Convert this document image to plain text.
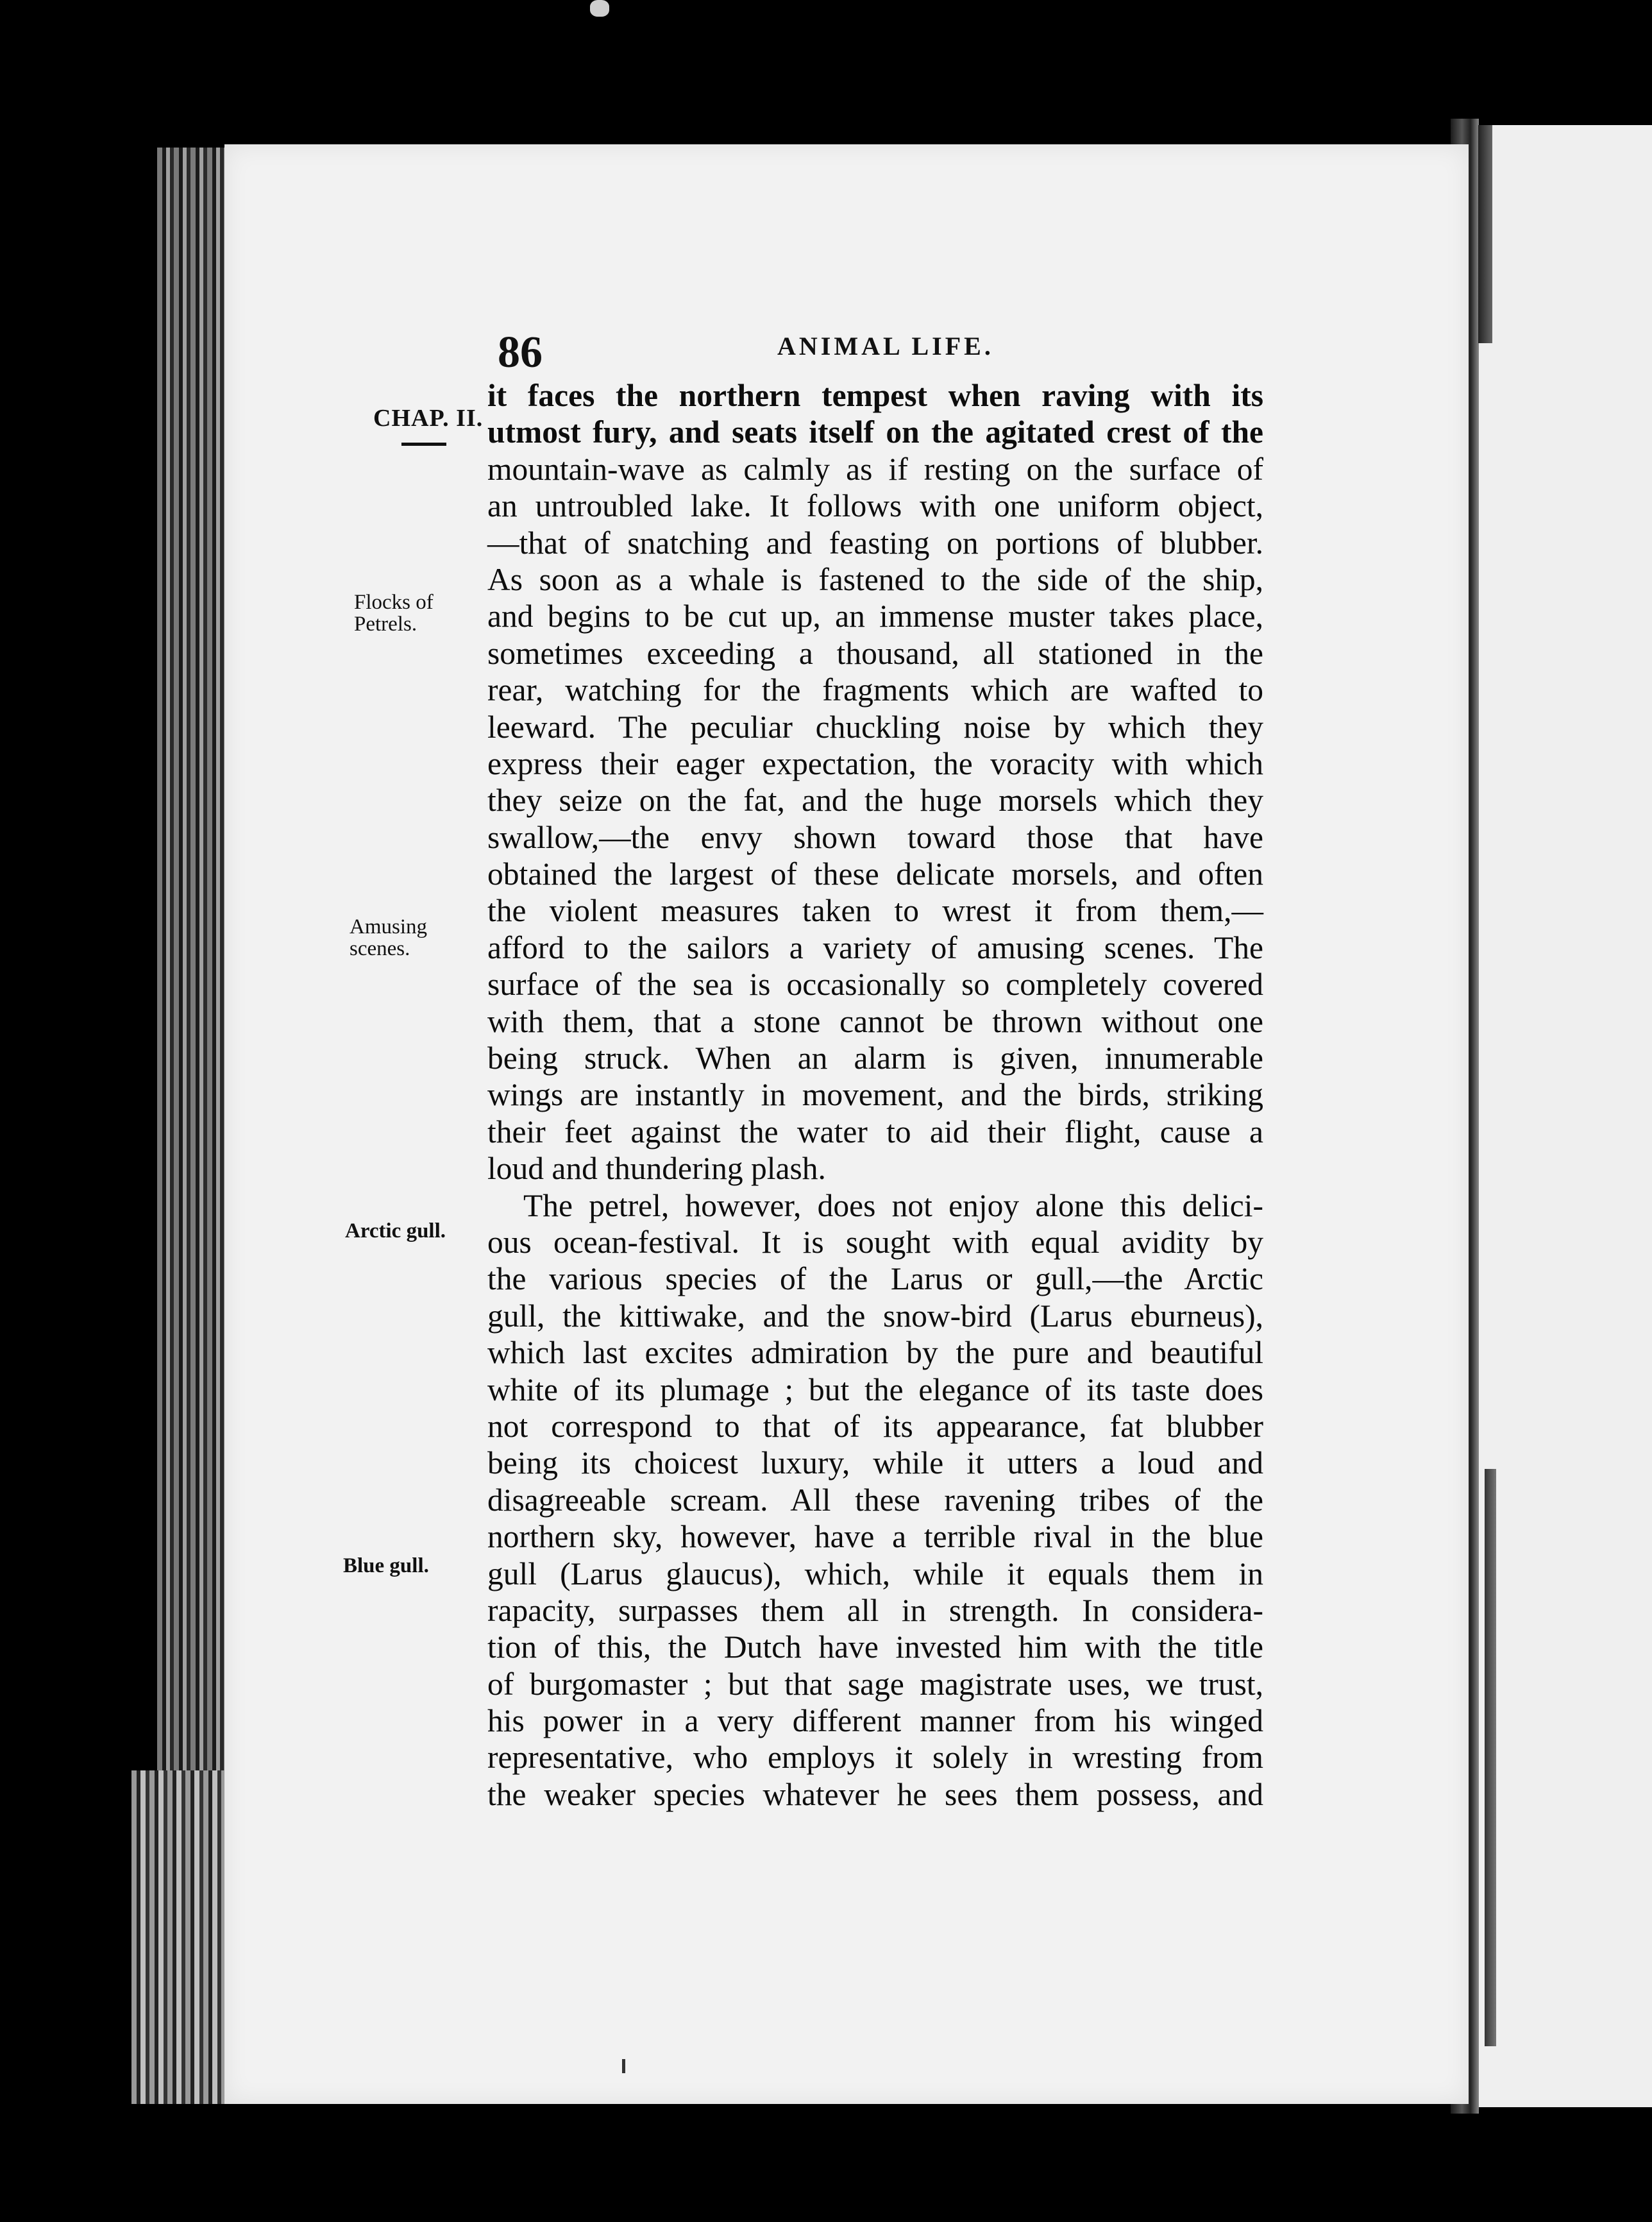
86	ANIMAL LIFE.
CHAP. II.
Flocks of
Petrels.
Amusing
scenes.
Arctic gull.
Blue gull.
it faces the northern tempest when raving with its
utmost fury, and seats itself on the agitated crest of the
mountain-wave as calmly as if resting on the surface of
an untroubled lake. It follows with one uniform object,
—that of snatching and feasting on portions of blubber.
As soon as a whale is fastened to the side of the ship,
and begins to be cut up, an immense muster takes place,
sometimes exceeding a thousand, all stationed in the
rear, watching for the fragments which are wafted to
leeward. The peculiar chuckling noise by which they
express their eager expectation, the voracity with which
they seize on the fat, and the huge morsels which they
swallow,—the envy shown toward those that have
obtained the largest of these delicate morsels, and often
the violent measures taken to wrest it from them,—
afford to the sailors a variety of amusing scenes. The
surface of the sea is occasionally so completely covered
with them, that a stone cannot be thrown without one
being struck. When an alarm is given, innumerable
wings are instantly in movement, and the birds, striking
their feet against the water to aid their flight, cause a
loud and thundering plash.
The petrel, however, does not enjoy alone this delici-
ous ocean-festival. It is sought with equal avidity by
the various species of the Larus or gull,—the Arctic
gull, the kittiwake, and the snow-bird (Larus eburneus),
which last excites admiration by the pure and beautiful
white of its plumage ; but the elegance of its taste does
not correspond to that of its appearance, fat blubber
being its choicest luxury, while it utters a loud and
disagreeable scream. All these ravening tribes of the
northern sky, however, have a terrible rival in the blue
gull (Larus glaucus), which, while it equals them in
rapacity, surpasses them all in strength. In considera-
tion of this, the Dutch have invested him with the title
of burgomaster ; but that sage magistrate uses, we trust,
his power in a very different manner from his winged
representative, who employs it solely in wresting from
the weaker species whatever he sees them possess, and
